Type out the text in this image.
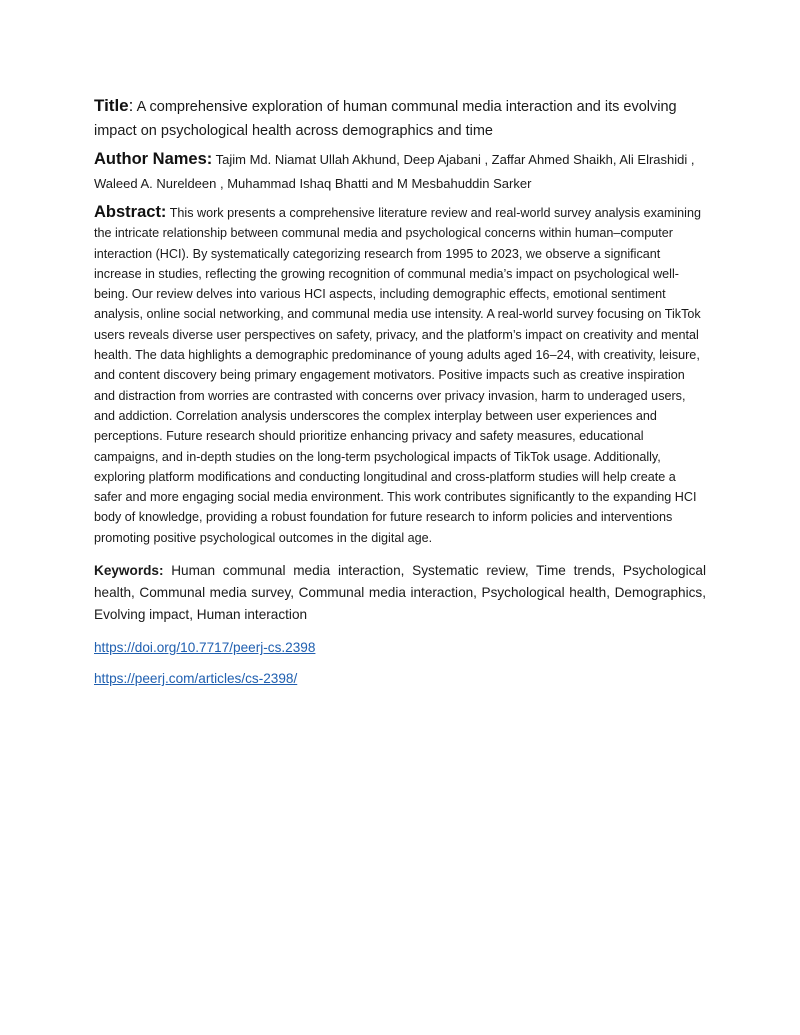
Title: A comprehensive exploration of human communal media interaction and its evolving impact on psychological health across demographics and time
Author Names: Tajim Md. Niamat Ullah Akhund, Deep Ajabani , Zaffar Ahmed Shaikh, Ali Elrashidi , Waleed A. Nureldeen , Muhammad Ishaq Bhatti and M Mesbahuddin Sarker
Abstract: This work presents a comprehensive literature review and real-world survey analysis examining the intricate relationship between communal media and psychological concerns within human–computer interaction (HCI). By systematically categorizing research from 1995 to 2023, we observe a significant increase in studies, reflecting the growing recognition of communal media’s impact on psychological well-being. Our review delves into various HCI aspects, including demographic effects, emotional sentiment analysis, online social networking, and communal media use intensity. A real-world survey focusing on TikTok users reveals diverse user perspectives on safety, privacy, and the platform’s impact on creativity and mental health. The data highlights a demographic predominance of young adults aged 16–24, with creativity, leisure, and content discovery being primary engagement motivators. Positive impacts such as creative inspiration and distraction from worries are contrasted with concerns over privacy invasion, harm to underaged users, and addiction. Correlation analysis underscores the complex interplay between user experiences and perceptions. Future research should prioritize enhancing privacy and safety measures, educational campaigns, and in-depth studies on the long-term psychological impacts of TikTok usage. Additionally, exploring platform modifications and conducting longitudinal and cross-platform studies will help create a safer and more engaging social media environment. This work contributes significantly to the expanding HCI body of knowledge, providing a robust foundation for future research to inform policies and interventions promoting positive psychological outcomes in the digital age.
Keywords: Human communal media interaction, Systematic review, Time trends, Psychological health, Communal media survey, Communal media interaction, Psychological health, Demographics, Evolving impact, Human interaction
https://doi.org/10.7717/peerj-cs.2398
https://peerj.com/articles/cs-2398/
